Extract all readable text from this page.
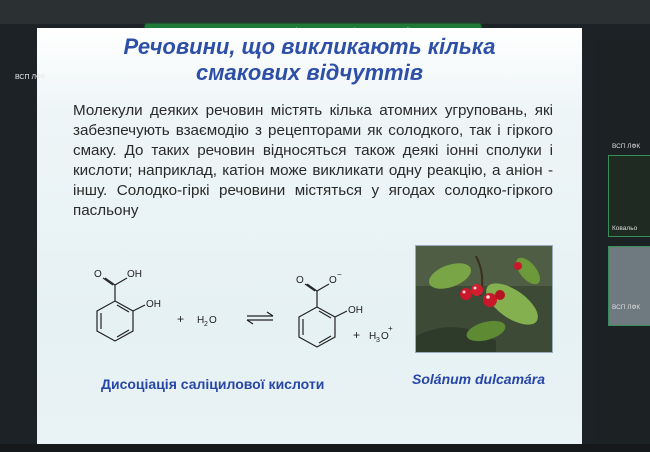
Речовини, що викликають кілька
смакових відчуттів
Молекули деяких речовин містять кілька атомних угруповань, які забезпечують взаємодію з рецепторами як солодкого, так і гіркого смаку. До таких речовин відносяться також деякі іонні сполуки і кислоти; наприклад, катіон може викликати одну реакцію, а аніон - іншу. Солодко-гіркі речовини містяться у ягодах солодко-гіркого пасльону
O	OH
OH
+ H 2 O
O	O
−
OH
+ H 3 O
+
Дисоціація саліцилової кислоти	Solánum dulcamára
ВСП ЛФК
ВСП ЛФК
Ковальо
ВСП ЛФК
